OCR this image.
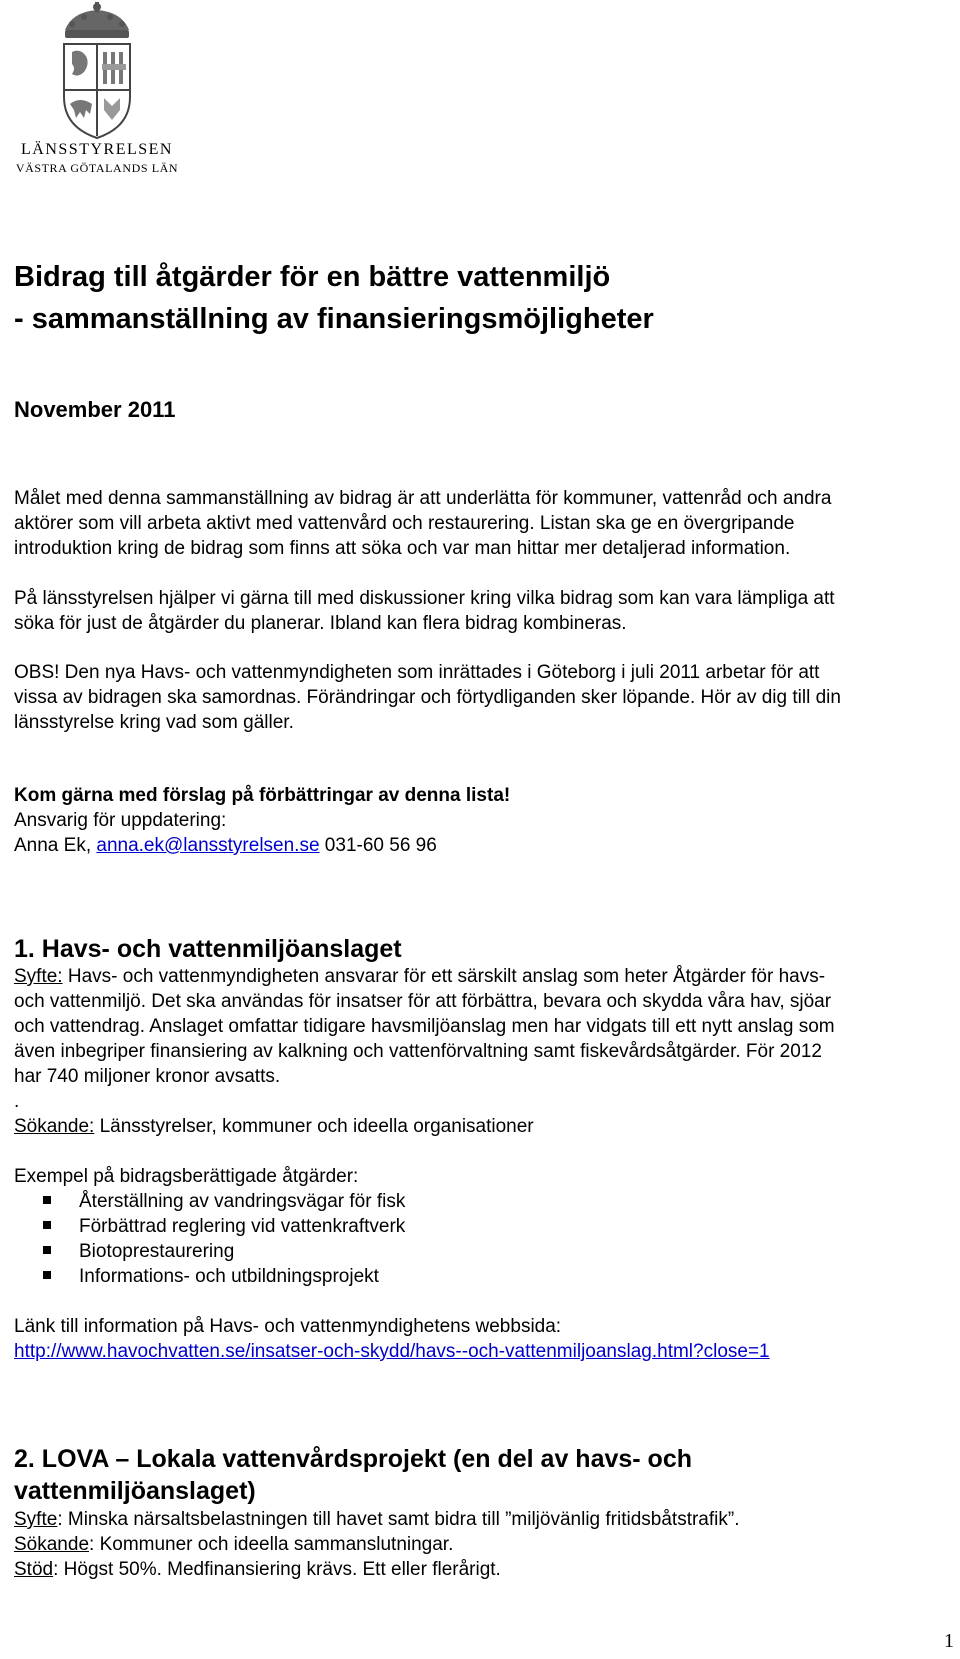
LÄNSSTYRELSEN
VÄSTRA GÖTALANDS LÄN
Bidrag till åtgärder för en bättre vattenmiljö
- sammanställning av finansieringsmöjligheter
November 2011
Målet med denna sammanställning av bidrag är att underlätta för kommuner, vattenråd och andra
aktörer som vill arbeta aktivt med vattenvård och restaurering. Listan ska ge en övergripande
introduktion kring de bidrag som finns att söka och var man hittar mer detaljerad information.
På länsstyrelsen hjälper vi gärna till med diskussioner kring vilka bidrag som kan vara lämpliga att
söka för just de åtgärder du planerar. Ibland kan flera bidrag kombineras.
OBS! Den nya Havs- och vattenmyndigheten som inrättades i Göteborg i juli 2011 arbetar för att
vissa av bidragen ska samordnas. Förändringar och förtydliganden sker löpande. Hör av dig till din
länsstyrelse kring vad som gäller.
Kom gärna med förslag på förbättringar av denna lista!
Ansvarig för uppdatering:
Anna Ek, anna.ek@lansstyrelsen.se 031-60 56 96
1. Havs- och vattenmiljöanslaget
Syfte: Havs- och vattenmyndigheten ansvarar för ett särskilt anslag som heter Åtgärder för havs-
och vattenmiljö. Det ska användas för insatser för att förbättra, bevara och skydda våra hav, sjöar
och vattendrag. Anslaget omfattar tidigare havsmiljöanslag men har vidgats till ett nytt anslag som
även inbegriper finansiering av kalkning och vattenförvaltning samt fiskevårdsåtgärder. För 2012
har 740 miljoner kronor avsatts.
.
Sökande: Länsstyrelser, kommuner och ideella organisationer
Exempel på bidragsberättigade åtgärder:
Återställning av vandringsvägar för fisk
Förbättrad reglering vid vattenkraftverk
Biotoprestaurering
Informations- och utbildningsprojekt
Länk till information på Havs- och vattenmyndighetens webbsida:
http://www.havochvatten.se/insatser-och-skydd/havs--och-vattenmiljoanslag.html?close=1
2. LOVA – Lokala vattenvårdsprojekt (en del av havs- och
vattenmiljöanslaget)
Syfte: Minska närsaltsbelastningen till havet samt bidra till ”miljövänlig fritidsbåtstrafik”.
Sökande: Kommuner och ideella sammanslutningar.
Stöd: Högst 50%. Medfinansiering krävs. Ett eller flerårigt.
1
